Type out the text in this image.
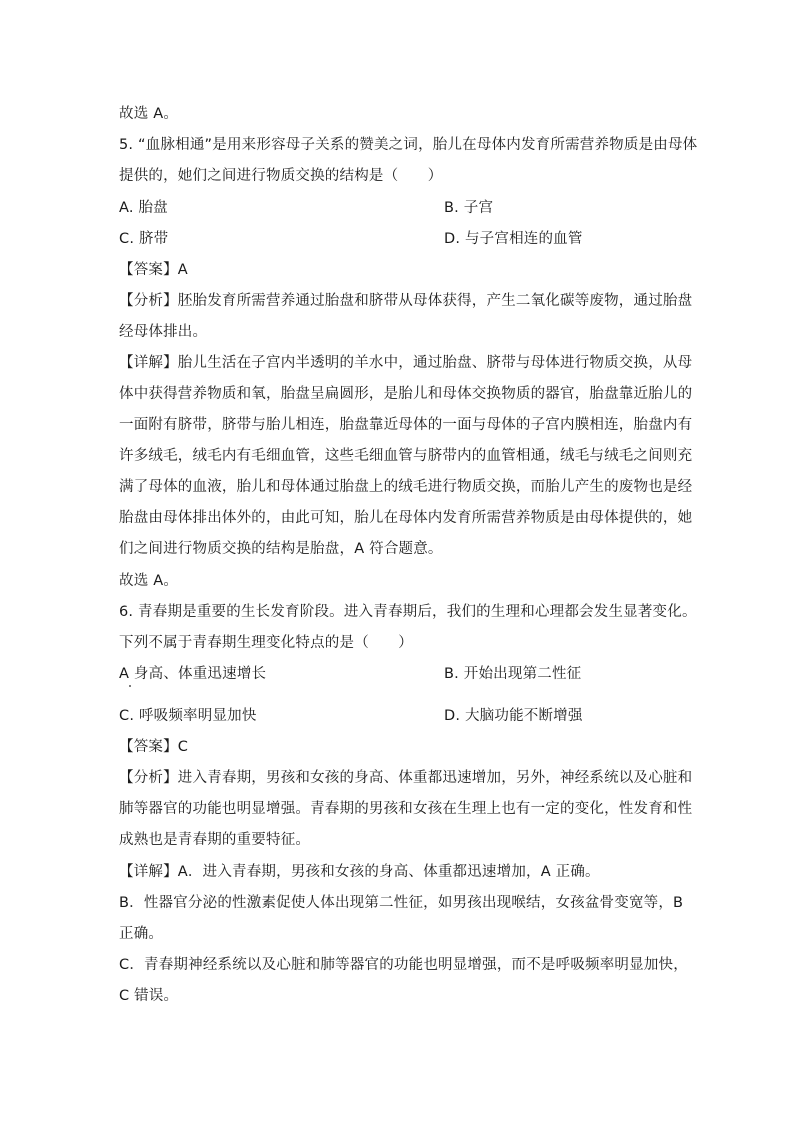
故选 A。
5. “血脉相通”是用来形容母子关系的赞美之词，胎儿在母体内发育所需营养物质是由母体
提供的，她们之间进行物质交换的结构是（　　）
A. 胎盘	B. 子宫
C. 脐带	D. 与子宫相连的血管
【答案】A
【分析】胚胎发育所需营养通过胎盘和脐带从母体获得，产生二氧化碳等废物，通过胎盘
经母体排出。
【详解】胎儿生活在子宫内半透明的羊水中，通过胎盘、脐带与母体进行物质交换，从母
体中获得营养物质和氧，胎盘呈扁圆形，是胎儿和母体交换物质的器官，胎盘靠近胎儿的
一面附有脐带，脐带与胎儿相连，胎盘靠近母体的一面与母体的子宫内膜相连，胎盘内有
许多绒毛，绒毛内有毛细血管，这些毛细血管与脐带内的血管相通，绒毛与绒毛之间则充
满了母体的血液，胎儿和母体通过胎盘上的绒毛进行物质交换，而胎儿产生的废物也是经
胎盘由母体排出体外的，由此可知，胎儿在母体内发育所需营养物质是由母体提供的，她
们之间进行物质交换的结构是胎盘，A 符合题意。
故选 A。
6. 青春期是重要的生长发育阶段。进入青春期后，我们的生理和心理都会发生显著变化。
下列不属于青春期生理变化特点的是（　　）
A 身高、体重迅速增长	B. 开始出现第二性征
C. 呼吸频率明显加快	D. 大脑功能不断增强
【答案】C
【分析】进入青春期，男孩和女孩的身高、体重都迅速增加，另外，神经系统以及心脏和
肺等器官的功能也明显增强。青春期的男孩和女孩在生理上也有一定的变化，性发育和性
成熟也是青春期的重要特征。
【详解】A．进入青春期，男孩和女孩的身高、体重都迅速增加，A 正确。
B．性器官分泌的性激素促使人体出现第二性征，如男孩出现喉结，女孩盆骨变宽等，B
正确。
C．青春期神经系统以及心脏和肺等器官的功能也明显增强，而不是呼吸频率明显加快，
C 错误。
